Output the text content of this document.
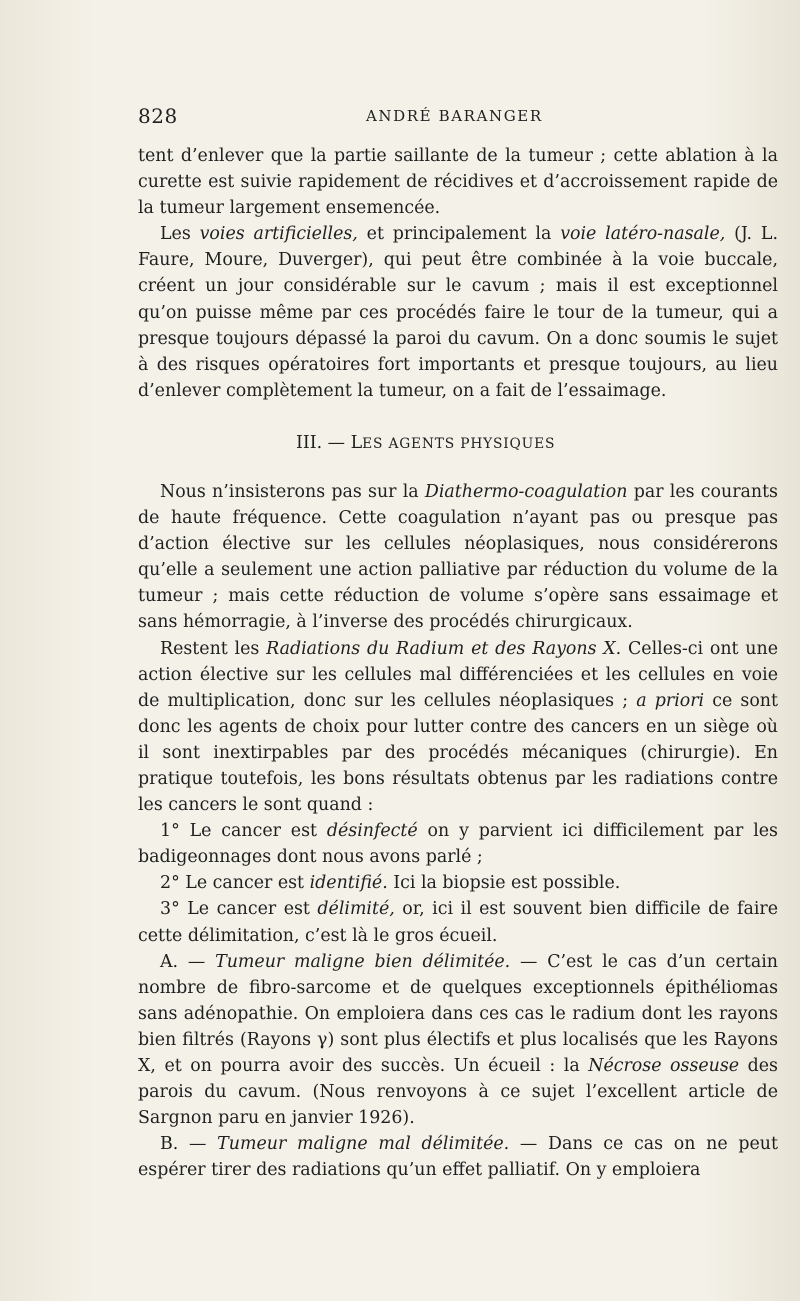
828	ANDRÉ BARANGER

tent d’enlever que la partie saillante de la tumeur ; cette ablation à la curette est suivie rapidement de récidives et d’accroissement rapide de la tumeur largement ensemencée.

Les voies artificielles, et principalement la voie latéro-nasale, (J. L. Faure, Moure, Duverger), qui peut être combinée à la voie buccale, créent un jour considérable sur le cavum ; mais il est exceptionnel qu’on puisse même par ces procédés faire le tour de la tumeur, qui a presque toujours dépassé la paroi du cavum. On a donc soumis le sujet à des risques opératoires fort importants et presque toujours, au lieu d’enlever complètement la tumeur, on a fait de l’essaimage.

III. — LES AGENTS PHYSIQUES

Nous n’insisterons pas sur la Diathermo-coagulation par les courants de haute fréquence. Cette coagulation n’ayant pas ou presque pas d’action élective sur les cellules néoplasiques, nous considérerons qu’elle a seulement une action palliative par réduction du volume de la tumeur ; mais cette réduction de volume s’opère sans essaimage et sans hémorragie, à l’inverse des procédés chirurgicaux.

Restent les Radiations du Radium et des Rayons X. Celles-ci ont une action élective sur les cellules mal différenciées et les cellules en voie de multiplication, donc sur les cellules néoplasiques ; a priori ce sont donc les agents de choix pour lutter contre des cancers en un siège où il sont inextirpables par des procédés mécaniques (chirurgie). En pratique toutefois, les bons résultats obtenus par les radiations contre les cancers le sont quand :

1° Le cancer est désinfecté on y parvient ici difficilement par les badigeonnages dont nous avons parlé ;

2° Le cancer est identifié. Ici la biopsie est possible.

3° Le cancer est délimité, or, ici il est souvent bien difficile de faire cette délimitation, c’est là le gros écueil.

A. — Tumeur maligne bien délimitée. — C’est le cas d’un certain nombre de fibro-sarcome et de quelques exceptionnels épithéliomas sans adénopathie. On emploiera dans ces cas le radium dont les rayons bien filtrés (Rayons γ) sont plus électifs et plus localisés que les Rayons X, et on pourra avoir des succès. Un écueil : la Nécrose osseuse des parois du cavum. (Nous renvoyons à ce sujet l’excellent article de Sargnon paru en janvier 1926).

B. — Tumeur maligne mal délimitée. — Dans ce cas on ne peut espérer tirer des radiations qu’un effet palliatif. On y emploiera
